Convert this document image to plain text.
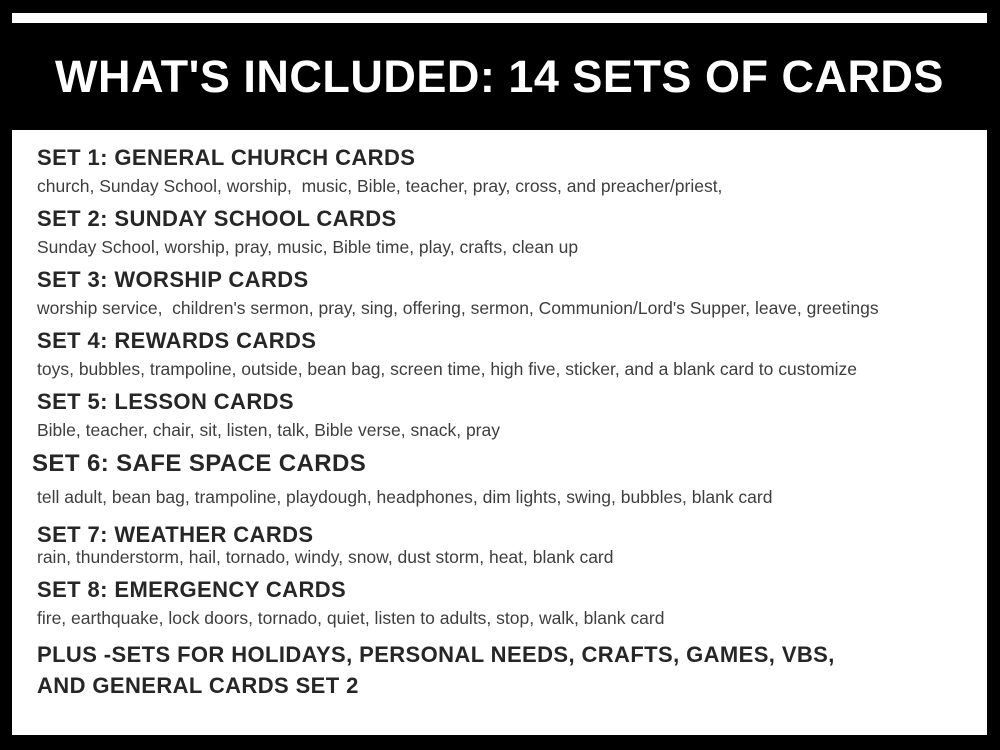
WHAT'S INCLUDED: 14 SETS OF CARDS
SET 1: GENERAL CHURCH CARDS

church, Sunday School, worship,  music, Bible, teacher, pray, cross, and preacher/priest,

SET 2: SUNDAY SCHOOL CARDS

Sunday School, worship, pray, music, Bible time, play, crafts, clean up

SET 3: WORSHIP CARDS

worship service,  children's sermon, pray, sing, offering, sermon, Communion/Lord's Supper, leave, greetings

SET 4: REWARDS CARDS

toys, bubbles, trampoline, outside, bean bag, screen time, high five, sticker, and a blank card to customize

SET 5: LESSON CARDS

Bible, teacher, chair, sit, listen, talk, Bible verse, snack, pray

SET 6: SAFE SPACE CARDS

tell adult, bean bag, trampoline, playdough, headphones, dim lights, swing, bubbles, blank card

SET 7: WEATHER CARDS

rain, thunderstorm, hail, tornado, windy, snow, dust storm, heat, blank card

SET 8: EMERGENCY CARDS

fire, earthquake, lock doors, tornado, quiet, listen to adults, stop, walk, blank card

PLUS -SETS FOR HOLIDAYS, PERSONAL NEEDS, CRAFTS, GAMES, VBS,
AND GENERAL CARDS SET 2
